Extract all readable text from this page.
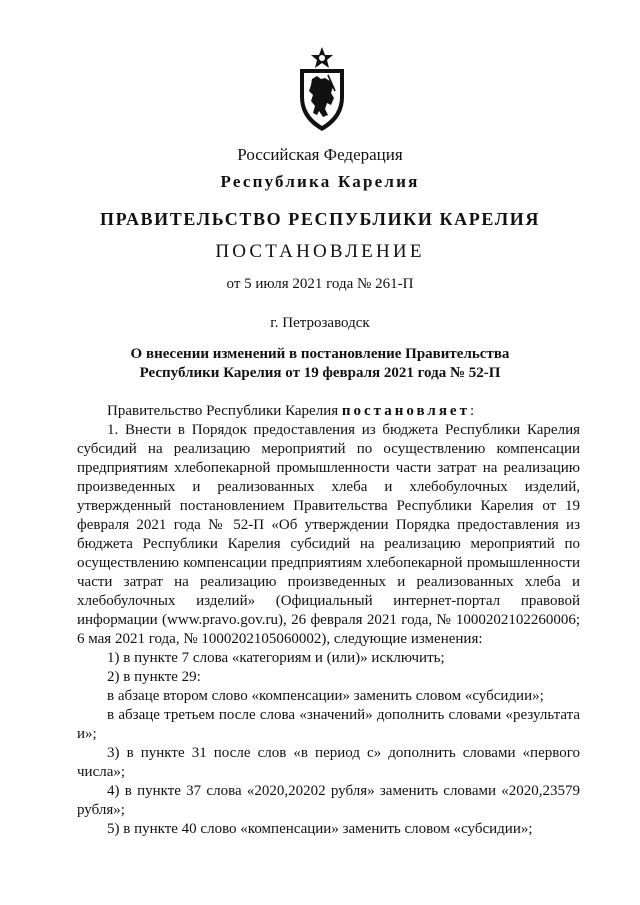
Российская Федерация
Республика Карелия
ПРАВИТЕЛЬСТВО РЕСПУБЛИКИ КАРЕЛИЯ
ПОСТАНОВЛЕНИЕ
от 5 июля 2021 года № 261-П
г. Петрозаводск
О внесении изменений в постановление Правительства
Республики Карелия от 19 февраля 2021 года № 52-П

Правительство Республики Карелия постановляет:

1. Внести в Порядок предоставления из бюджета Республики Карелия субсидий на реализацию мероприятий по осуществлению компенсации предприятиям хлебопекарной промышленности части затрат на реализацию произведенных и реализованных хлеба и хлебобулочных изделий, утвержденный постановлением Правительства Республики Карелия от 19 февраля 2021 года № 52-П «Об утверждении Порядка предоставления из бюджета Республики Карелия субсидий на реализацию мероприятий по осуществлению компенсации предприятиям хлебопекарной промышленности части затрат на реализацию произведенных и реализованных хлеба и хлебобулочных изделий» (Официальный интернет-портал правовой информации (www.pravo.gov.ru), 26 февраля 2021 года, № 1000202102260006; 6 мая 2021 года, № 1000202105060002), следующие изменения:

1) в пункте 7 слова «категориям и (или)» исключить;

2) в пункте 29:

в абзаце втором слово «компенсации» заменить словом «субсидии»;

в абзаце третьем после слова «значений» дополнить словами «результата и»;

3) в пункте 31 после слов «в период с» дополнить словами «первого числа»;

4) в пункте 37 слова «2020,20202 рубля» заменить словами «2020,23579 рубля»;

5) в пункте 40 слово «компенсации» заменить словом «субсидии»;
